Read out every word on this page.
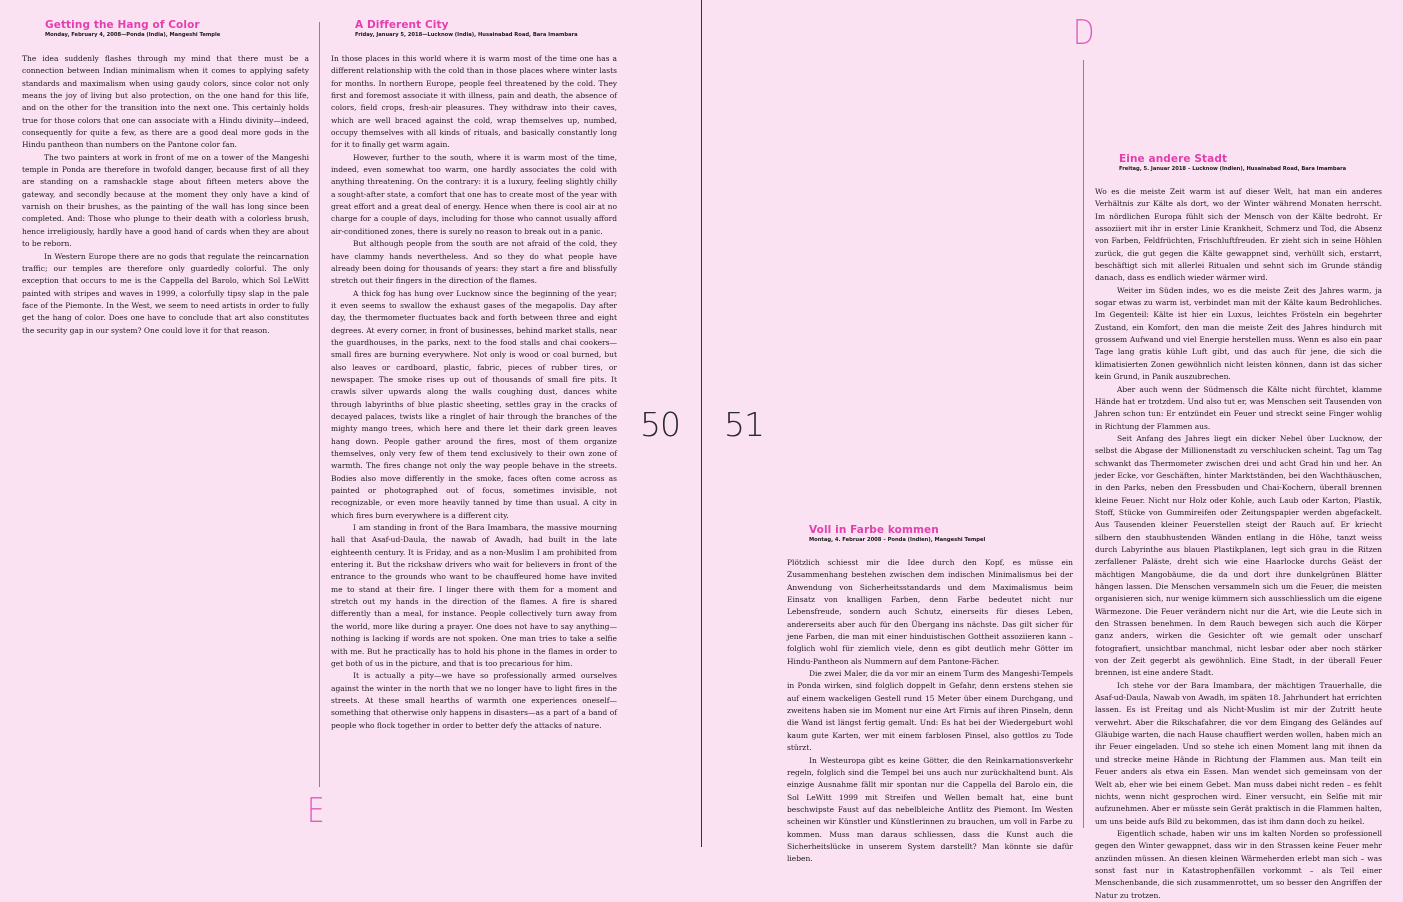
Getting the Hang of Color
Monday, February 4, 2008—Ponda (India), Mangeshi Temple

The idea suddenly flashes through my mind that there must be a connection between Indian minimalism when it comes to applying safety standards and maximalism when using gaudy colors, since color not only means the joy of living but also protection, on the one hand for this life, and on the other for the transition into the next one. This certainly holds true for those colors that one can associate with a Hindu divinity—indeed, consequently for quite a few, as there are a good deal more gods in the Hindu pantheon than numbers on the Pantone color fan.

The two painters at work in front of me on a tower of the Mangeshi temple in Ponda are therefore in twofold danger, because first of all they are standing on a ramshackle stage about fifteen meters above the gateway, and secondly because at the moment they only have a kind of varnish on their brushes, as the painting of the wall has long since been completed. And: Those who plunge to their death with a colorless brush, hence irreligiously, hardly have a good hand of cards when they are about to be reborn.

In Western Europe there are no gods that regulate the reincarnation traffic; our temples are therefore only guardedly colorful. The only exception that occurs to me is the Cappella del Barolo, which Sol LeWitt painted with stripes and waves in 1999, a colorfully tipsy slap in the pale face of the Piemonte. In the West, we seem to need artists in order to fully get the hang of color. Does one have to conclude that art also constitutes the security gap in our system? One could love it for that reason.

A Different City
Friday, January 5, 2018—Lucknow (India), Husainabad Road, Bara Imambara

In those places in this world where it is warm most of the time one has a different relationship with the cold than in those places where winter lasts for months. In northern Europe, people feel threatened by the cold. They first and foremost associate it with illness, pain and death, the absence of colors, field crops, fresh-air pleasures. They withdraw into their caves, which are well braced against the cold, wrap themselves up, numbed, occupy themselves with all kinds of rituals, and basically constantly long for it to finally get warm again.

However, further to the south, where it is warm most of the time, indeed, even somewhat too warm, one hardly associates the cold with anything threatening. On the contrary: it is a luxury, feeling slightly chilly a sought-after state, a comfort that one has to create most of the year with great effort and a great deal of energy. Hence when there is cool air at no charge for a couple of days, including for those who cannot usually afford air-conditioned zones, there is surely no reason to break out in a panic.

But although people from the south are not afraid of the cold, they have clammy hands nevertheless. And so they do what people have already been doing for thousands of years: they start a fire and blissfully stretch out their fingers in the direction of the flames.

A thick fog has hung over Lucknow since the beginning of the year; it even seems to swallow the exhaust gases of the megapolis. Day after day, the thermometer fluctuates back and forth between three and eight degrees. At every corner, in front of businesses, behind market stalls, near the guardhouses, in the parks, next to the food stalls and chai cookers—small fires are burning everywhere. Not only is wood or coal burned, but also leaves or cardboard, plastic, fabric, pieces of rubber tires, or newspaper. The smoke rises up out of thousands of small fire pits. It crawls silver upwards along the walls coughing dust, dances white through labyrinths of blue plastic sheeting, settles gray in the cracks of decayed palaces, twists like a ringlet of hair through the branches of the mighty mango trees, which here and there let their dark green leaves hang down. People gather around the fires, most of them organize themselves, only very few of them tend exclusively to their own zone of warmth. The fires change not only the way people behave in the streets. Bodies also move differently in the smoke, faces often come across as painted or photographed out of focus, sometimes invisible, not recognizable, or even more heavily tanned by time than usual. A city in which fires burn everywhere is a different city.

I am standing in front of the Bara Imambara, the massive mourning hall that Asaf-ud-Daula, the nawab of Awadh, had built in the late eighteenth century. It is Friday, and as a non-Muslim I am prohibited from entering it. But the rickshaw drivers who wait for believers in front of the entrance to the grounds who want to be chauffeured home have invited me to stand at their fire. I linger there with them for a moment and stretch out my hands in the direction of the flames. A fire is shared differently than a meal, for instance. People collectively turn away from the world, more like during a prayer. One does not have to say anything—nothing is lacking if words are not spoken. One man tries to take a selfie with me. But he practically has to hold his phone in the flames in order to get both of us in the picture, and that is too precarious for him.

It is actually a pity—we have so professionally armed ourselves against the winter in the north that we no longer have to light fires in the streets. At these small hearths of warmth one experiences oneself—something that otherwise only happens in disasters—as a part of a band of people who flock together in order to better defy the attacks of nature.

50
E
51
D
Voll in Farbe kommen
Montag, 4. Februar 2008 – Ponda (Indien), Mangeshi Tempel

Plötzlich schiesst mir die Idee durch den Kopf, es müsse ein Zusammenhang bestehen zwischen dem indischen Minimalismus bei der Anwendung von Sicherheitsstandards und dem Maximalismus beim Einsatz von knalligen Farben, denn Farbe bedeutet nicht nur Lebensfreude, sondern auch Schutz, einerseits für dieses Leben, andererseits aber auch für den Übergang ins nächste. Das gilt sicher für jene Farben, die man mit einer hinduistischen Gottheit assoziieren kann – folglich wohl für ziemlich viele, denn es gibt deutlich mehr Götter im Hindu-Pantheon als Nummern auf dem Pantone-Fächer.

Die zwei Maler, die da vor mir an einem Turm des Mangeshi-Tempels in Ponda wirken, sind folglich doppelt in Gefahr, denn erstens stehen sie auf einem wackeligen Gestell rund 15 Meter über einem Durchgang, und zweitens haben sie im Moment nur eine Art Firnis auf ihren Pinseln, denn die Wand ist längst fertig gemalt. Und: Es hat bei der Wiedergeburt wohl kaum gute Karten, wer mit einem farblosen Pinsel, also gottlos zu Tode stürzt.

In Westeuropa gibt es keine Götter, die den Reinkarnationsverkehr regeln, folglich sind die Tempel bei uns auch nur zurückhaltend bunt. Als einzige Ausnahme fällt mir spontan nur die Cappella del Barolo ein, die Sol LeWitt 1999 mit Streifen und Wellen bemalt hat, eine bunt beschwipste Faust auf das nebelbleiche Antlitz des Piemont. Im Westen scheinen wir Künstler und Künstlerinnen zu brauchen, um voll in Farbe zu kommen. Muss man daraus schliessen, dass die Kunst auch die Sicherheitslücke in unserem System darstellt? Man könnte sie dafür lieben.

Eine andere Stadt
Freitag, 5. Januar 2018 – Lucknow (Indien), Husainabad Road, Bara Imambara

Wo es die meiste Zeit warm ist auf dieser Welt, hat man ein anderes Verhältnis zur Kälte als dort, wo der Winter während Monaten herrscht. Im nördlichen Europa fühlt sich der Mensch von der Kälte bedroht. Er assoziiert mit ihr in erster Linie Krankheit, Schmerz und Tod, die Absenz von Farben, Feldfrüchten, Frischluftfreuden. Er zieht sich in seine Höhlen zurück, die gut gegen die Kälte gewappnet sind, verhüllt sich, erstarrt, beschäftigt sich mit allerlei Ritualen und sehnt sich im Grunde ständig danach, dass es endlich wieder wärmer wird.

Weiter im Süden indes, wo es die meiste Zeit des Jahres warm, ja sogar etwas zu warm ist, verbindet man mit der Kälte kaum Bedrohliches. Im Gegenteil: Kälte ist hier ein Luxus, leichtes Frösteln ein begehrter Zustand, ein Komfort, den man die meiste Zeit des Jahres hindurch mit grossem Aufwand und viel Energie herstellen muss. Wenn es also ein paar Tage lang gratis kühle Luft gibt, und das auch für jene, die sich die klimatisierten Zonen gewöhnlich nicht leisten können, dann ist das sicher kein Grund, in Panik auszubrechen.

Aber auch wenn der Südmensch die Kälte nicht fürchtet, klamme Hände hat er trotzdem. Und also tut er, was Menschen seit Tausenden von Jahren schon tun: Er entzündet ein Feuer und streckt seine Finger wohlig in Richtung der Flammen aus.

Seit Anfang des Jahres liegt ein dicker Nebel über Lucknow, der selbst die Abgase der Millionenstadt zu verschlucken scheint. Tag um Tag schwankt das Thermometer zwischen drei und acht Grad hin und her. An jeder Ecke, vor Geschäften, hinter Marktständen, bei den Wachthäuschen, in den Parks, neben den Fressbuden und Chai-Kochern, überall brennen kleine Feuer. Nicht nur Holz oder Kohle, auch Laub oder Karton, Plastik, Stoff, Stücke von Gummireifen oder Zeitungspapier werden abgefackelt. Aus Tausenden kleiner Feuerstellen steigt der Rauch auf. Er kriecht silbern den staubhustenden Wänden entlang in die Höhe, tanzt weiss durch Labyrinthe aus blauen Plastikplanen, legt sich grau in die Ritzen zerfallener Paläste, dreht sich wie eine Haarlocke durchs Geäst der mächtigen Mangobäume, die da und dort ihre dunkelgrünen Blätter hängen lassen. Die Menschen versammeln sich um die Feuer, die meisten organisieren sich, nur wenige kümmern sich ausschliesslich um die eigene Wärmezone. Die Feuer verändern nicht nur die Art, wie die Leute sich in den Strassen benehmen. In dem Rauch bewegen sich auch die Körper ganz anders, wirken die Gesichter oft wie gemalt oder unscharf fotografiert, unsichtbar manchmal, nicht lesbar oder aber noch stärker von der Zeit gegerbt als gewöhnlich. Eine Stadt, in der überall Feuer brennen, ist eine andere Stadt.

Ich stehe vor der Bara Imambara, der mächtigen Trauerhalle, die Asaf-ud-Daula, Nawab von Awadh, im späten 18. Jahrhundert hat errichten lassen. Es ist Freitag und als Nicht-Muslim ist mir der Zutritt heute verwehrt. Aber die Rikschafahrer, die vor dem Eingang des Geländes auf Gläubige warten, die nach Hause chauffiert werden wollen, haben mich an ihr Feuer eingeladen. Und so stehe ich einen Moment lang mit ihnen da und strecke meine Hände in Richtung der Flammen aus. Man teilt ein Feuer anders als etwa ein Essen. Man wendet sich gemeinsam von der Welt ab, eher wie bei einem Gebet. Man muss dabei nicht reden – es fehlt nichts, wenn nicht gesprochen wird. Einer versucht, ein Selfie mit mir aufzunehmen. Aber er müsste sein Gerät praktisch in die Flammen halten, um uns beide aufs Bild zu bekommen, das ist ihm dann doch zu heikel.

Eigentlich schade, haben wir uns im kalten Norden so professionell gegen den Winter gewappnet, dass wir in den Strassen keine Feuer mehr anzünden müssen. An diesen kleinen Wärmeherden erlebt man sich – was sonst fast nur in Katastrophenfällen vorkommt – als Teil einer Menschenbande, die sich zusammenrottet, um so besser den Angriffen der Natur zu trotzen.
